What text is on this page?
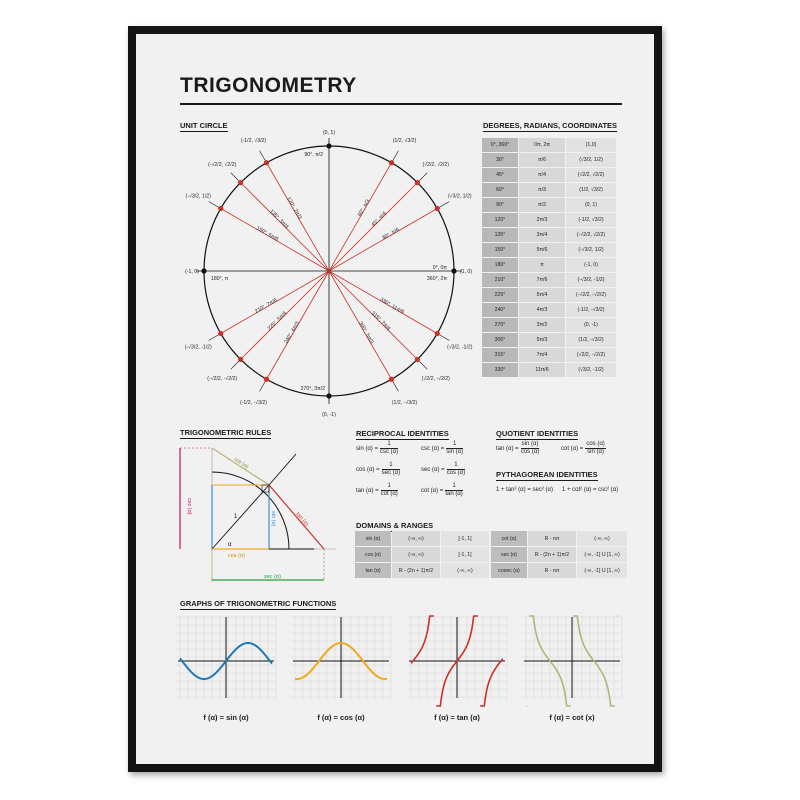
TRIGONOMETRY
UNIT CIRCLE	DEGREES, RADIANS, COORDINATES
TRIGONOMETRIC RULES	RECIPROCAL IDENTITIES	QUOTIENT IDENTITIES
PYTHAGOREAN IDENTITIES
DOMAINS & RANGES
GRAPHS OF TRIGONOMETRIC FUNCTIONS
(1, 0)
(√3/2, 1/2)
30°, π/6
(√2/2, √2/2)
45°, π/4
(1/2, √3/2)
60°, π/3
(0, 1)
(-1/2, √3/2)
120°, 2π/3
(-√2/2, √2/2)
135°, 3π/4
(-√3/2, 1/2)
150°, 5π/6
(-1, 0)
(-√3/2, -1/2)
210°, 7π/6
(-√2/2, -√2/2)
225°, 5π/4
(-1/2, -√3/2)
240°, 4π/3
(0, -1)
(1/2, -√3/2)
300°, 5π/3
(√2/2, -√2/2)
315°, 7π/4
(√3/2, -1/2)
330°, 11π/6
0°, 0π
360°, 2π
180°, π
90°, π/2
270°, 3π/2
0°, 360°	0π, 2π	(1,0)
30°	π/6	(√3/2, 1/2)
45°	π/4	(√2/2, √2/2)
60°	π/3	(1/2, √3/2)
90°	π/2	(0, 1)
120°	2π/3	(-1/2, √3/2)
135°	3π/4	(-√2/2, √2/2)
150°	5π/6	(-√3/2, 1/2)
180°	π	(-1, 0)
210°	7π/6	(-√3/2, -1/2)
225°	5π/4	(-√2/2, -√2/2)
240°	4π/3	(-1/2, -√3/2)
270°	3π/2	(0, -1)
300°	5π/3	(1/2, -√3/2)
315°	7π/4	(√2/2, -√2/2)
330°	11π/6	(√3/2, -1/2)
cot (α)
csc (α)
tan (α)
sin (α)
cos (α)
sec (α)
1
α
$\sin (\alpha) = \frac{1}{\csc (\alpha)}$	$\csc (\alpha) = \frac{1}{\sin (\alpha)}$
$\cos (\alpha) = \frac{1}{\sec (\alpha)}$	$\sec (\alpha) = \frac{1}{\cos (\alpha)}$
$\tan (\alpha) = \frac{1}{\cot (\alpha)}$	$\cot (\alpha) = \frac{1}{\tan (\alpha)}$
$\tan (\alpha) = \frac{\sin (\alpha)}{\cos (\alpha)}$	$\cot (\alpha) = \frac{\cos (\alpha)}{\sin (\alpha)}$
1 + tan² (α) = sec² (α) 1 + cot² (α) = csc² (α)
sin (α)	(-∞, ∞)	[-1, 1]
cos (α)	(-∞, ∞)	[-1, 1]
tan (α)	R - (2n + 1)π/2	(-∞, ∞)
cot (α)	R - nπ	(-∞, ∞)
sec (α)	R - (2n + 1)π/2	(-∞, -1] U [1, ∞)
cosec (α)	R - nπ	(-∞, -1] U [1, ∞)
f (α) = sin (α)	f (α) = cos (α)	f (α) = tan (α)	f (α) = cot (x)
